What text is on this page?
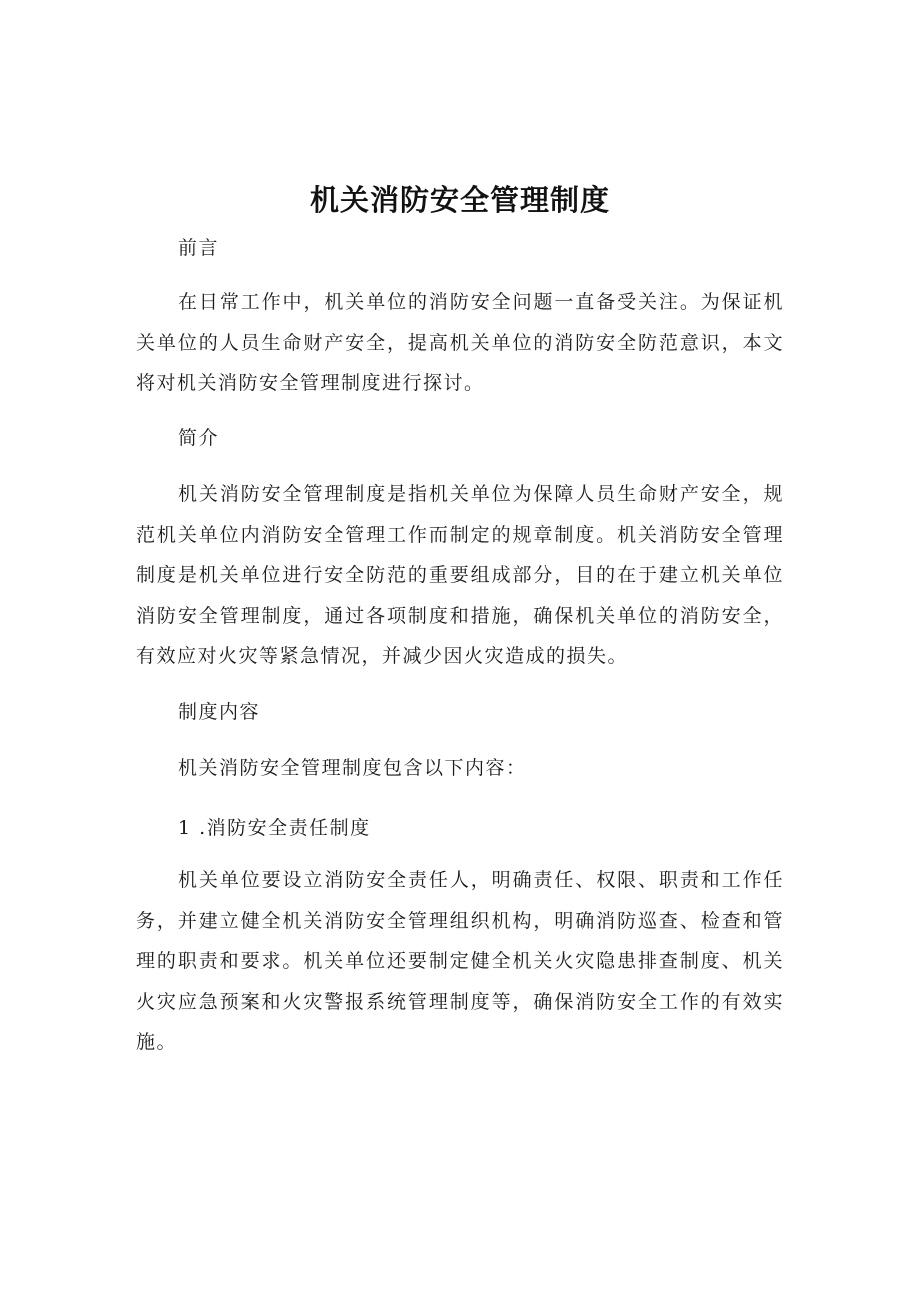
机关消防安全管理制度

前言

在日常工作中，机关单位的消防安全问题一直备受关注。为保证机关单位的人员生命财产安全，提高机关单位的消防安全防范意识，本文将对机关消防安全管理制度进行探讨。

简介

机关消防安全管理制度是指机关单位为保障人员生命财产安全，规范机关单位内消防安全管理工作而制定的规章制度。机关消防安全管理制度是机关单位进行安全防范的重要组成部分，目的在于建立机关单位消防安全管理制度，通过各项制度和措施，确保机关单位的消防安全，有效应对火灾等紧急情况，并减少因火灾造成的损失。

制度内容

机关消防安全管理制度包含以下内容：

1 .消防安全责任制度

机关单位要设立消防安全责任人，明确责任、权限、职责和工作任务，并建立健全机关消防安全管理组织机构，明确消防巡查、检查和管理的职责和要求。机关单位还要制定健全机关火灾隐患排查制度、机关火灾应急预案和火灾警报系统管理制度等，确保消防安全工作的有效实施。
